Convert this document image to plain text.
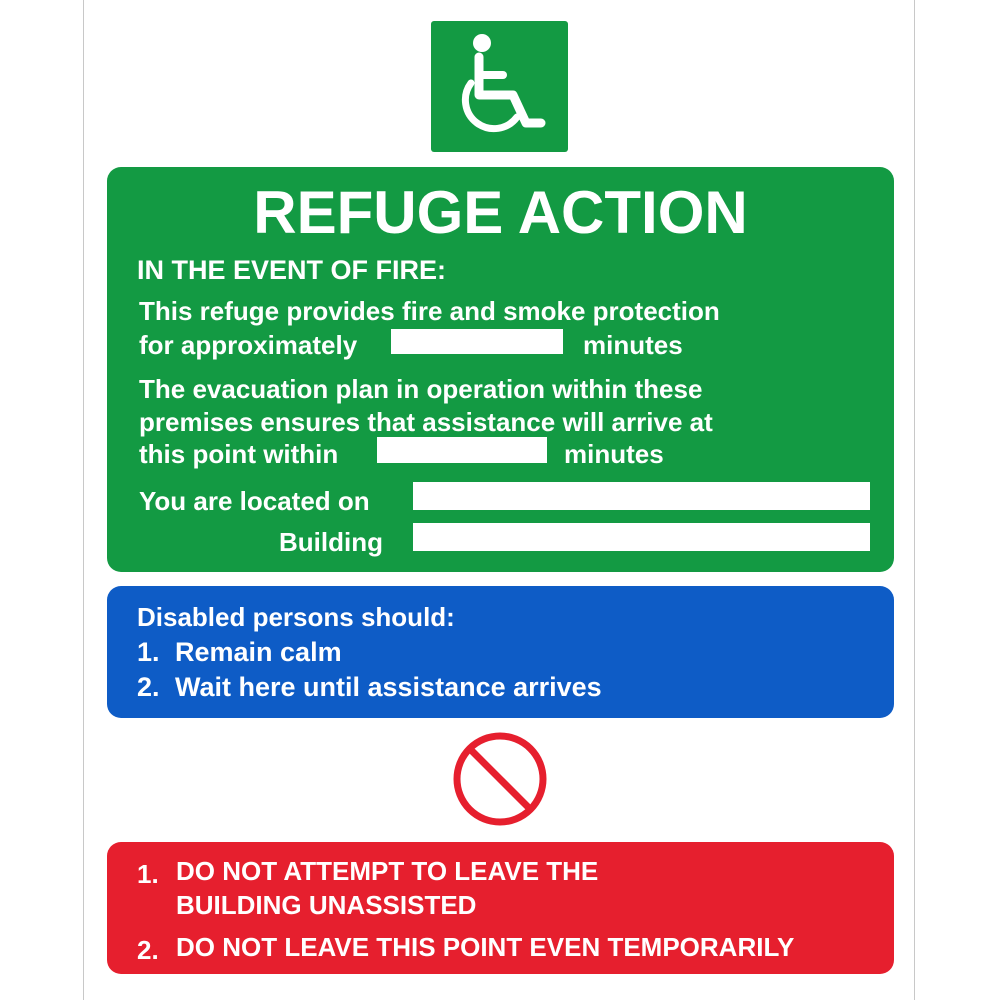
REFUGE ACTION
IN THE EVENT OF FIRE:
This refuge provides fire and smoke protection
for approximately	minutes
The evacuation plan in operation within these
premises ensures that assistance will arrive at
this point within	minutes
You are located on
Building
Disabled persons should:
1. Remain calm
2. Wait here until assistance arrives
1. DO NOT ATTEMPT TO LEAVE THE
BUILDING UNASSISTED
2. DO NOT LEAVE THIS POINT EVEN TEMPORARILY
